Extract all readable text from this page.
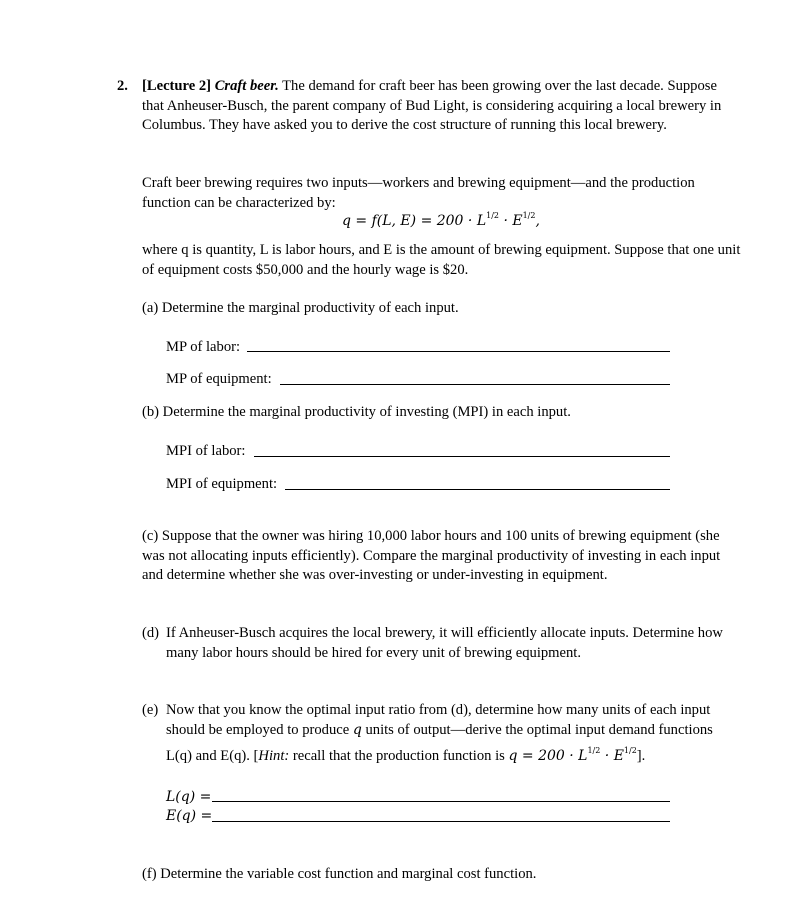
2. [Lecture 2] Craft beer. The demand for craft beer has been growing over the last decade. Suppose that Anheuser-Busch, the parent company of Bud Light, is considering acquiring a local brewery in Columbus. They have asked you to derive the cost structure of running this local brewery.
Craft beer brewing requires two inputs—workers and brewing equipment—and the production function can be characterized by:
q = f(L, $E) = 200 \cdot L^{1/2} \cdot E^{1/2}$,
where q is quantity, L is labor hours, and E is the amount of brewing equipment. Suppose that one unit of equipment costs $50,000 and the hourly wage is $20.
(a) Determine the marginal productivity of each input.
MP of labor:
MP of equipment:
(b) Determine the marginal productivity of investing (MPI) in each input.
MPI of labor:
MPI of equipment:
(c) Suppose that the owner was hiring 10,000 labor hours and 100 units of brewing equipment (she was not allocating inputs efficiently). Compare the marginal productivity of investing in each input and determine whether she was over-investing or under-investing in equipment.
(d) If Anheuser-Busch acquires the local brewery, it will efficiently allocate inputs. Determine how many labor hours should be hired for every unit of brewing equipment.
(e) Now that you know the optimal input ratio from (d), determine how many units of each input should be employed to produce q units of output—derive the optimal input demand functions
L(q) and E(q). [Hint: recall that the production function is $q = 200 \cdot L^{1/2} \cdot E^{1/2}$].
L(q) =
E(q) =
(f) Determine the variable cost function and marginal cost function.
